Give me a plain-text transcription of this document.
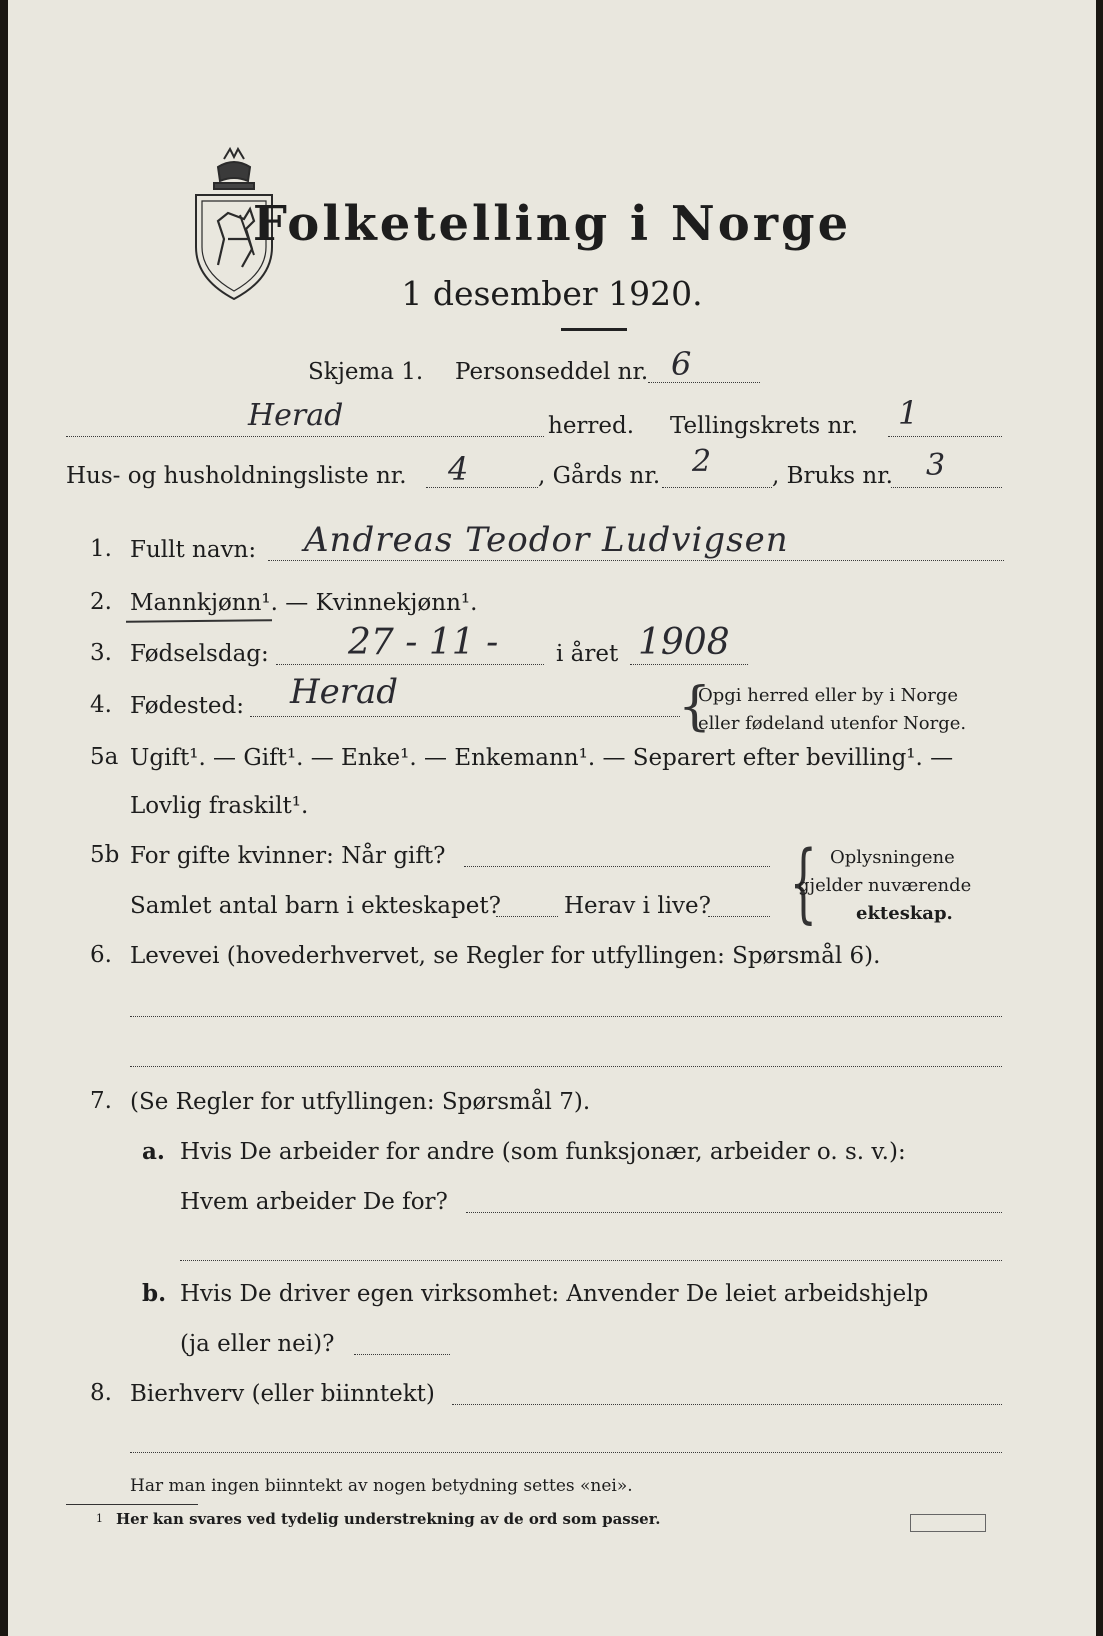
Folketelling i Norge
1 desember 1920.
Skjema 1. Personseddel nr. 6
Herad	herred. Tellingskrets nr. 1
Hus- og husholdningsliste nr. 4	, Gårds nr. 2	, Bruks nr. 3
1. Fullt navn: Andreas Teodor Ludvigsen
2. Mannkjønn¹. — Kvinnekjønn¹.
3. Fødselsdag: 27 - 11 -	i året 1908
4. Fødested: Herad	{
Opgi herred eller by i Norge
eller fødeland utenfor Norge.
5a Ugift¹. — Gift¹. — Enke¹. — Enkemann¹. — Separert efter bevilling¹. —
Lovlig fraskilt¹.
5b For gifte kvinner: Når gift?
Samlet antal barn i ekteskapet?	Herav i live? { Oplysningene
gjelder nuværende
ekteskap.
6. Levevei (hovederhvervet, se Regler for utfyllingen: Spørsmål 6).
7. (Se Regler for utfyllingen: Spørsmål 7).
a. Hvis De arbeider for andre (som funksjonær, arbeider o. s. v.):
Hvem arbeider De for?
b. Hvis De driver egen virksomhet: Anvender De leiet arbeidshjelp
(ja eller nei)?
8. Bierhverv (eller biinntekt)
Har man ingen biinntekt av nogen betydning settes «nei».
1 Her kan svares ved tydelig understrekning av de ord som passer.
